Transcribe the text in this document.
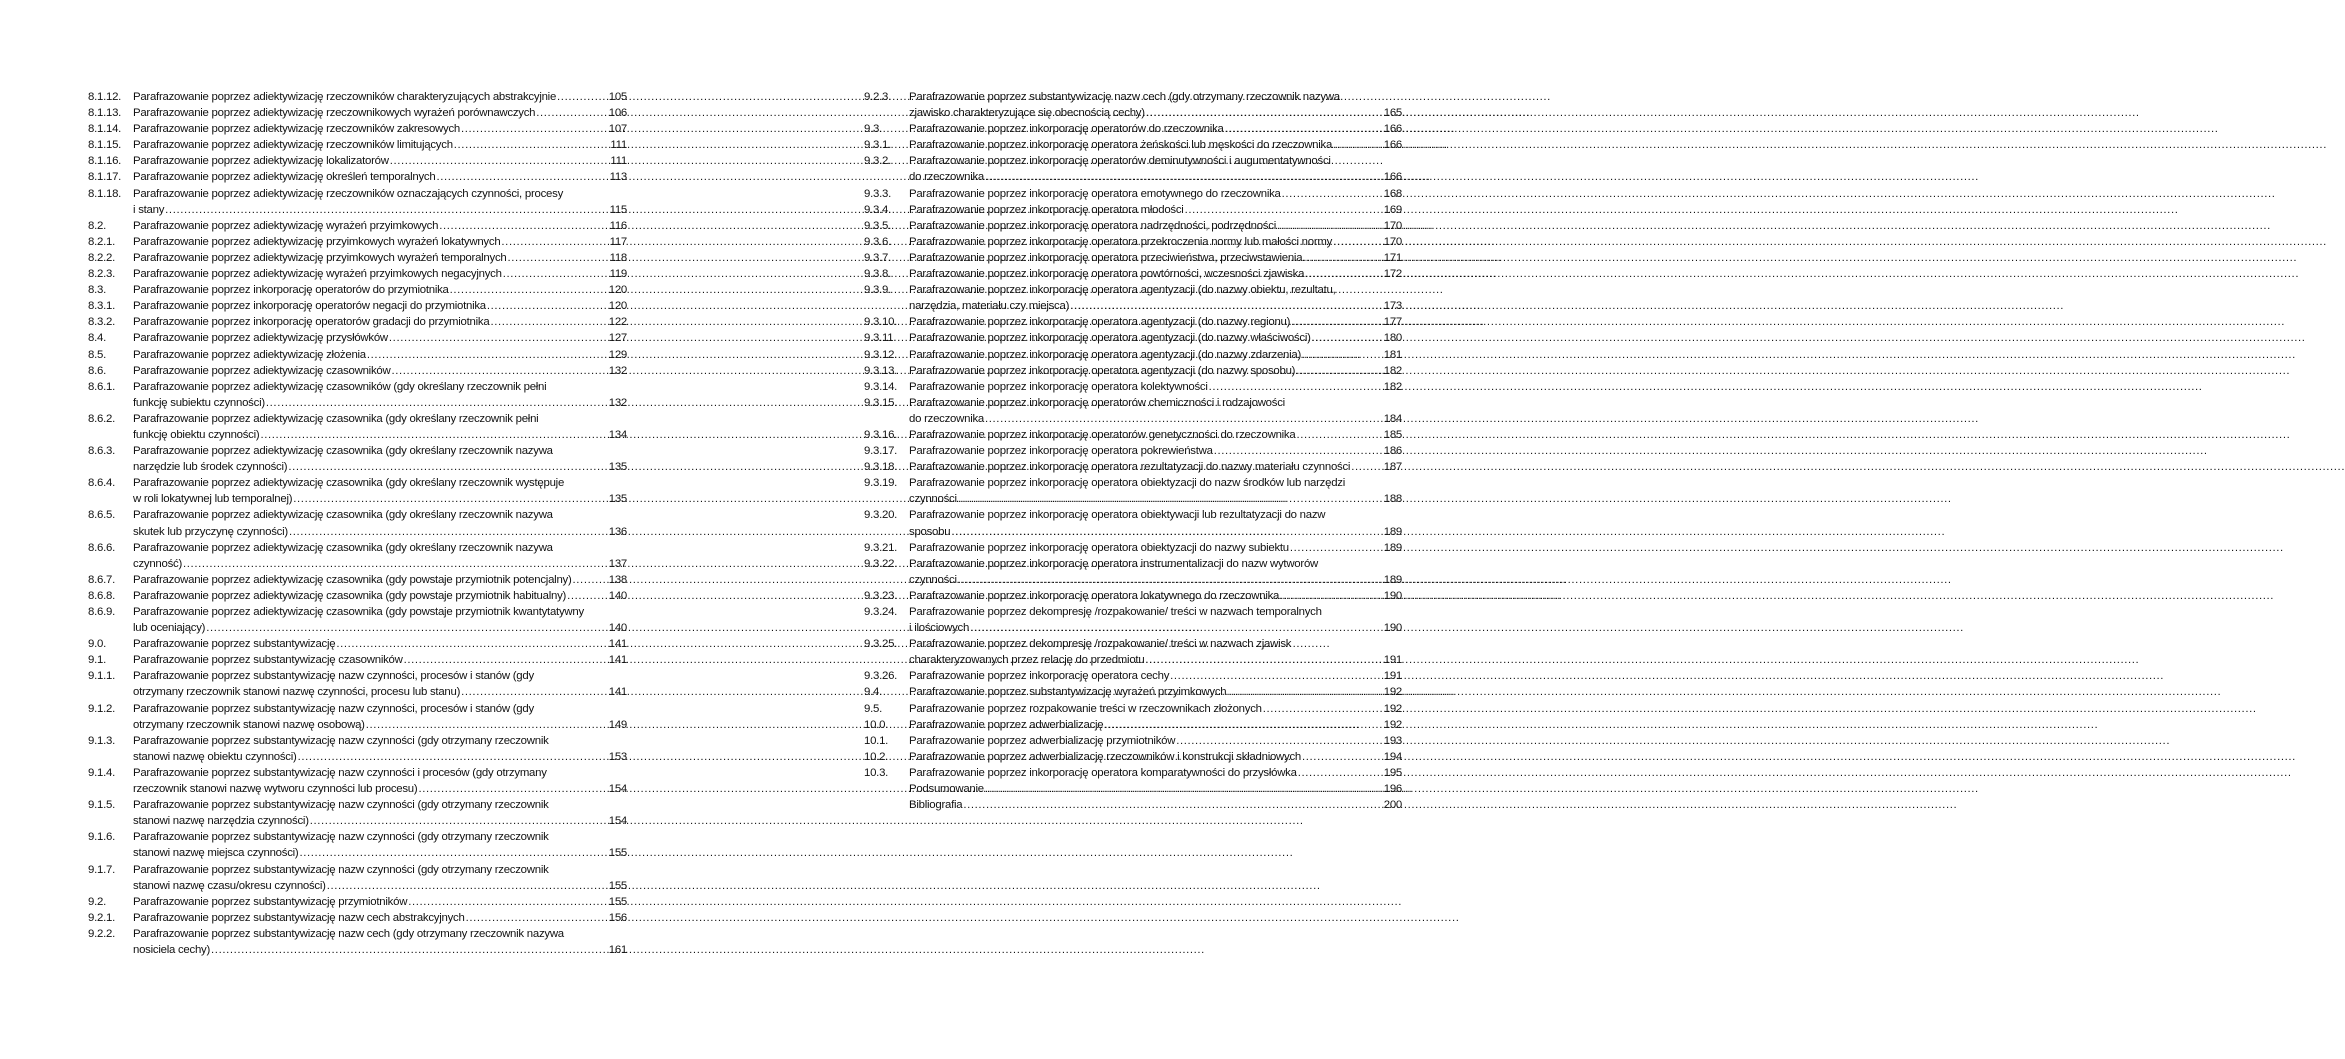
8.1.12.	Parafrazowanie poprzez adiektywizację rzeczowników charakteryzujących abstrakcyjnie .....	105
8.1.13.	Parafrazowanie poprzez adiektywizację rzeczownikowych wyrażeń porównawczych .....	106
8.1.14.	Parafrazowanie poprzez adiektywizację rzeczowników zakresowych .....	107
8.1.15.	Parafrazowanie poprzez adiektywizację rzeczowników limitujących .....	111
8.1.16.	Parafrazowanie poprzez adiektywizację lokalizatorów .....	111
8.1.17.	Parafrazowanie poprzez adiektywizację określeń temporalnych .....	113
8.1.18.	Parafrazowanie poprzez adiektywizację rzeczowników oznaczających czynności, procesy
i stany .....	115
8.2.	Parafrazowanie poprzez adiektywizację wyrażeń przyimkowych .....	116
8.2.1.	Parafrazowanie poprzez adiektywizację przyimkowych wyrażeń lokatywnych .....	117
8.2.2.	Parafrazowanie poprzez adiektywizację przyimkowych wyrażeń temporalnych .....	118
8.2.3.	Parafrazowanie poprzez adiektywizację wyrażeń przyimkowych negacyjnych .....	119
8.3.	Parafrazowanie poprzez inkorporację operatorów do przymiotnika .....	120
8.3.1.	Parafrazowanie poprzez inkorporację operatorów negacji do przymiotnika .....	120
8.3.2.	Parafrazowanie poprzez inkorporację operatorów gradacji do przymiotnika .....	122
8.4.	Parafrazowanie poprzez adiektywizację przysłówków .....	127
8.5.	Parafrazowanie poprzez adiektywizację złożenia .....	129
8.6.	Parafrazowanie poprzez adiektywizację czasowników .....	132
8.6.1.	Parafrazowanie poprzez adiektywizację czasowników (gdy określany rzeczownik pełni
funkcję subiektu czynności) .....	132
8.6.2.	Parafrazowanie poprzez adiektywizację czasownika (gdy określany rzeczownik pełni
funkcję obiektu czynności) .....	134
8.6.3.	Parafrazowanie poprzez adiektywizację czasownika (gdy określany rzeczownik nazywa
narzędzie lub środek czynności) .....	135
8.6.4.	Parafrazowanie poprzez adiektywizację czasownika (gdy określany rzeczownik występuje
w roli lokatywnej lub temporalnej) .....	135
8.6.5.	Parafrazowanie poprzez adiektywizację czasownika (gdy określany rzeczownik nazywa
skutek lub przyczynę czynności) .....	136
8.6.6.	Parafrazowanie poprzez adiektywizację czasownika (gdy określany rzeczownik nazywa
czynność) .....	137
8.6.7.	Parafrazowanie poprzez adiektywizację czasownika (gdy powstaje przymiotnik potencjalny) .....	138
8.6.8.	Parafrazowanie poprzez adiektywizację czasownika (gdy powstaje przymiotnik habitualny) .....	140
8.6.9.	Parafrazowanie poprzez adiektywizację czasownika (gdy powstaje przymiotnik kwantytatywny
lub oceniający) .....	140
9.0.	Parafrazowanie poprzez substantywizację .....	141
9.1.	Parafrazowanie poprzez substantywizację czasowników .....	141
9.1.1.	Parafrazowanie poprzez substantywizację nazw czynności, procesów i stanów (gdy
otrzymany rzeczownik stanowi nazwę czynności, procesu lub stanu) .....	141
9.1.2.	Parafrazowanie poprzez substantywizację nazw czynności, procesów i stanów (gdy
otrzymany rzeczownik stanowi nazwę osobową) .....	149
9.1.3.	Parafrazowanie poprzez substantywizację nazw czynności (gdy otrzymany rzeczownik
stanowi nazwę obiektu czynności) .....	153
9.1.4.	Parafrazowanie poprzez substantywizację nazw czynności i procesów (gdy otrzymany
rzeczownik stanowi nazwę wytworu czynności lub procesu) .....	154
9.1.5.	Parafrazowanie poprzez substantywizację nazw czynności (gdy otrzymany rzeczownik
stanowi nazwę narzędzia czynności) .....	154
9.1.6.	Parafrazowanie poprzez substantywizację nazw czynności (gdy otrzymany rzeczownik
stanowi nazwę miejsca czynności) .....	155
9.1.7.	Parafrazowanie poprzez substantywizację nazw czynności (gdy otrzymany rzeczownik
stanowi nazwę czasu/okresu czynności) .....	155
9.2.	Parafrazowanie poprzez substantywizację przymiotników .....	155
9.2.1.	Parafrazowanie poprzez substantywizację nazw cech abstrakcyjnych .....	156
9.2.2.	Parafrazowanie poprzez substantywizację nazw cech (gdy otrzymany rzeczownik nazywa
nosiciela cechy) .....	161
9.2.3.	Parafrazowanie poprzez substantywizację nazw cech (gdy otrzymany rzeczownik nazywa
zjawisko charakteryzujące się obecnością cechy) .....	165
9.3.	Parafrazowanie poprzez inkorporację operatorów do rzeczownika .....	166
9.3.1.	Parafrazowanie poprzez inkorporację operatora żeńskości lub męskości do rzeczownika .....	166
9.3.2.	Parafrazowanie poprzez inkorporację operatorów deminutywności i augumentatywności
do rzeczownika .....	166
9.3.3.	Parafrazowanie poprzez inkorporację operatora emotywnego do rzeczownika .....	168
9.3.4.	Parafrazowanie poprzez inkorporację operatora młodości .....	169
9.3.5.	Parafrazowanie poprzez inkorporację operatora nadrzędności, podrzędności .....	170
9.3.6.	Parafrazowanie poprzez inkorporację operatora przekroczenia normy lub małości normy .....	170
9.3.7.	Parafrazowanie poprzez inkorporację operatora przeciwieństwa, przeciwstawienia .....	171
9.3.8.	Parafrazowanie poprzez inkorporację operatora powtórności, wczesności zjawiska .....	172
9.3.9.	Parafrazowanie poprzez inkorporację operatora agentyzacji (do nazwy obiektu, rezultatu,
narzędzia, materiału czy miejsca) .....	173
9.3.10.	Parafrazowanie poprzez inkorporację operatora agentyzacji (do nazwy regionu) .....	177
9.3.11.	Parafrazowanie poprzez inkorporację operatora agentyzacji (do nazwy właściwości) .....	180
9.3.12.	Parafrazowanie poprzez inkorporację operatora agentyzacji (do nazwy zdarzenia) .....	181
9.3.13.	Parafrazowanie poprzez inkorporację operatora agentyzacji (do nazwy sposobu) .....	182
9.3.14.	Parafrazowanie poprzez inkorporację operatora kolektywności .....	182
9.3.15.	Parafrazowanie poprzez inkorporację operatorów chemiczności i rodzajowości
do rzeczownika .....	184
9.3.16.	Parafrazowanie poprzez inkorporację operatorów genetyczności do rzeczownika .....	185
9.3.17.	Parafrazowanie poprzez inkorporację operatora pokrewieństwa .....	186
9.3.18.	Parafrazowanie poprzez inkorporację operatora rezultatyzacji do nazwy materiału czynności .....	187
9.3.19.	Parafrazowanie poprzez inkorporację operatora obiektyzacji do nazw środków lub narzędzi
czynności .....	188
9.3.20.	Parafrazowanie poprzez inkorporację operatora obiektywacji lub rezultatyzacji do nazw
sposobu .....	189
9.3.21.	Parafrazowanie poprzez inkorporację operatora obiektyzacji do nazwy subiektu .....	189
9.3.22.	Parafrazowanie poprzez inkorporację operatora instrumentalizacji do nazw wytworów
czynności .....	189
9.3.23.	Parafrazowanie poprzez inkorporację operatora lokatywnego do rzeczownika .....	190
9.3.24.	Parafrazowanie poprzez dekompresję /rozpakowanie/ treści w nazwach temporalnych
i ilościowych .....	190
9.3.25.	Parafrazowanie poprzez dekompresję /rozpakowanie/ treści w nazwach zjawisk
charakteryzowanych przez relację do przedmiotu .....	191
9.3.26.	Parafrazowanie poprzez inkorporację operatora cechy .....	191
9.4.	Parafrazowanie poprzez substantywizację wyrażeń przyimkowych .....	192
9.5.	Parafrazowanie poprzez rozpakowanie treści w rzeczownikach złożonych .....	192
10.0.	Parafrazowanie poprzez adwerbializację .....	192
10.1.	Parafrazowanie poprzez adwerbializację przymiotników .....	193
10.2.	Parafrazowanie poprzez adwerbializację rzeczowników i konstrukcji składniowych .....	194
10.3.	Parafrazowanie poprzez inkorporację operatora komparatywności do przysłówka .....	195
Podsumowanie .....	196
Bibliografia .....	200
